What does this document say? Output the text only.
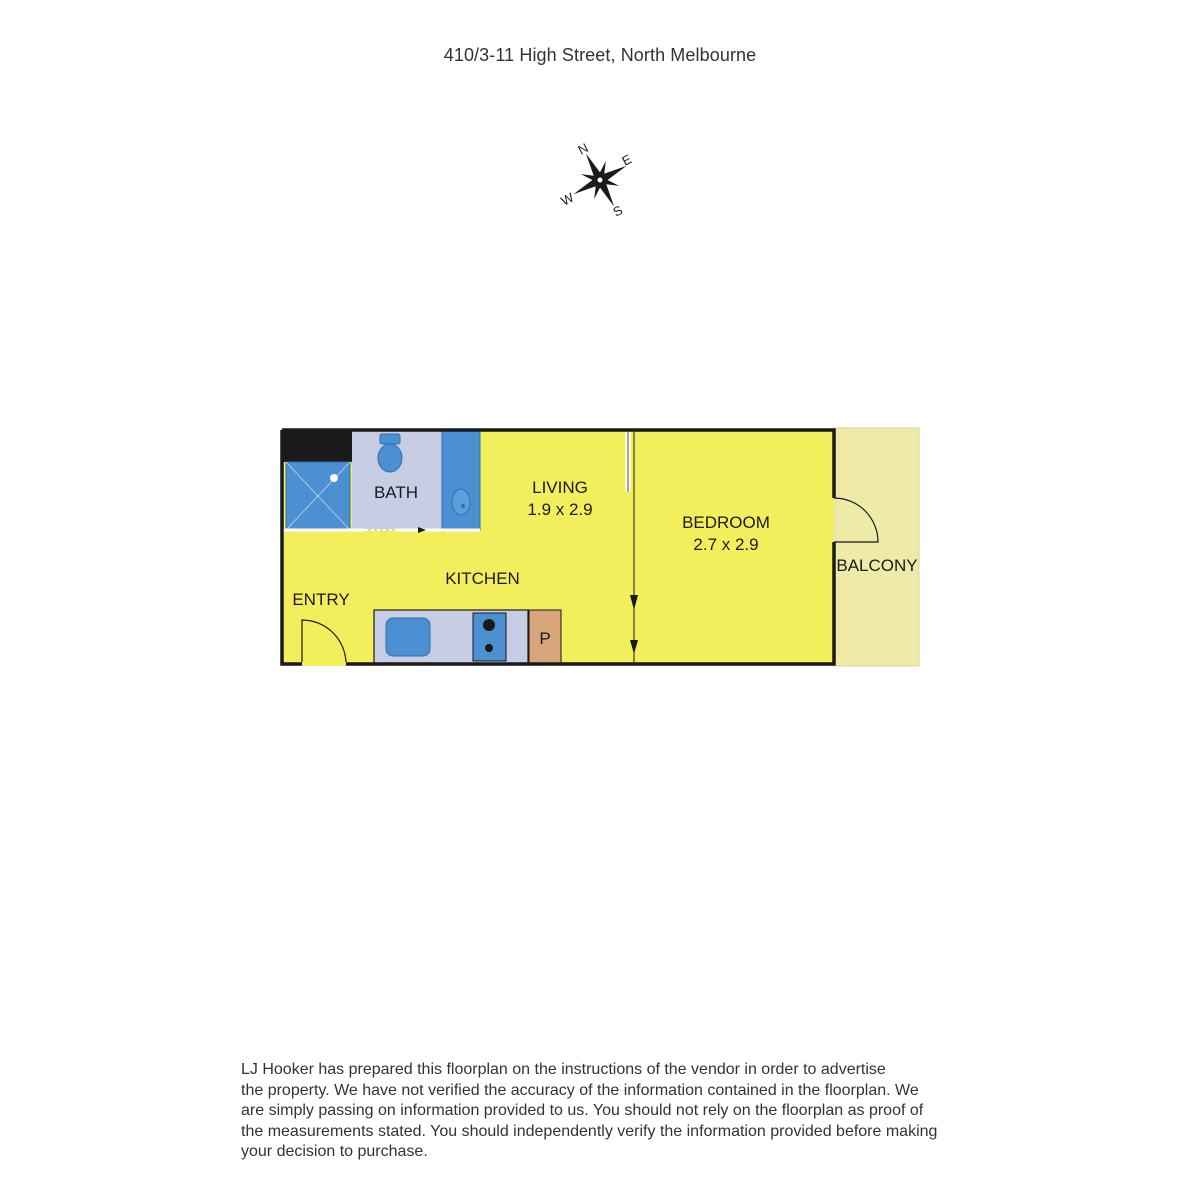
410/3-11 High Street, North Melbourne
N
E
S
W
BATH	LIVING
1.9 x 2.9
BEDROOM
2.7 x 2.9
KITCHEN
ENTRY
BALCONY
P
LJ Hooker has prepared this floorplan on the instructions of the vendor in order to advertise
the property. We have not verified the accuracy of the information contained in the floorplan. We
are simply passing on information provided to us. You should not rely on the floorplan as proof of
the measurements stated. You should independently verify the information provided before making
your decision to purchase.
